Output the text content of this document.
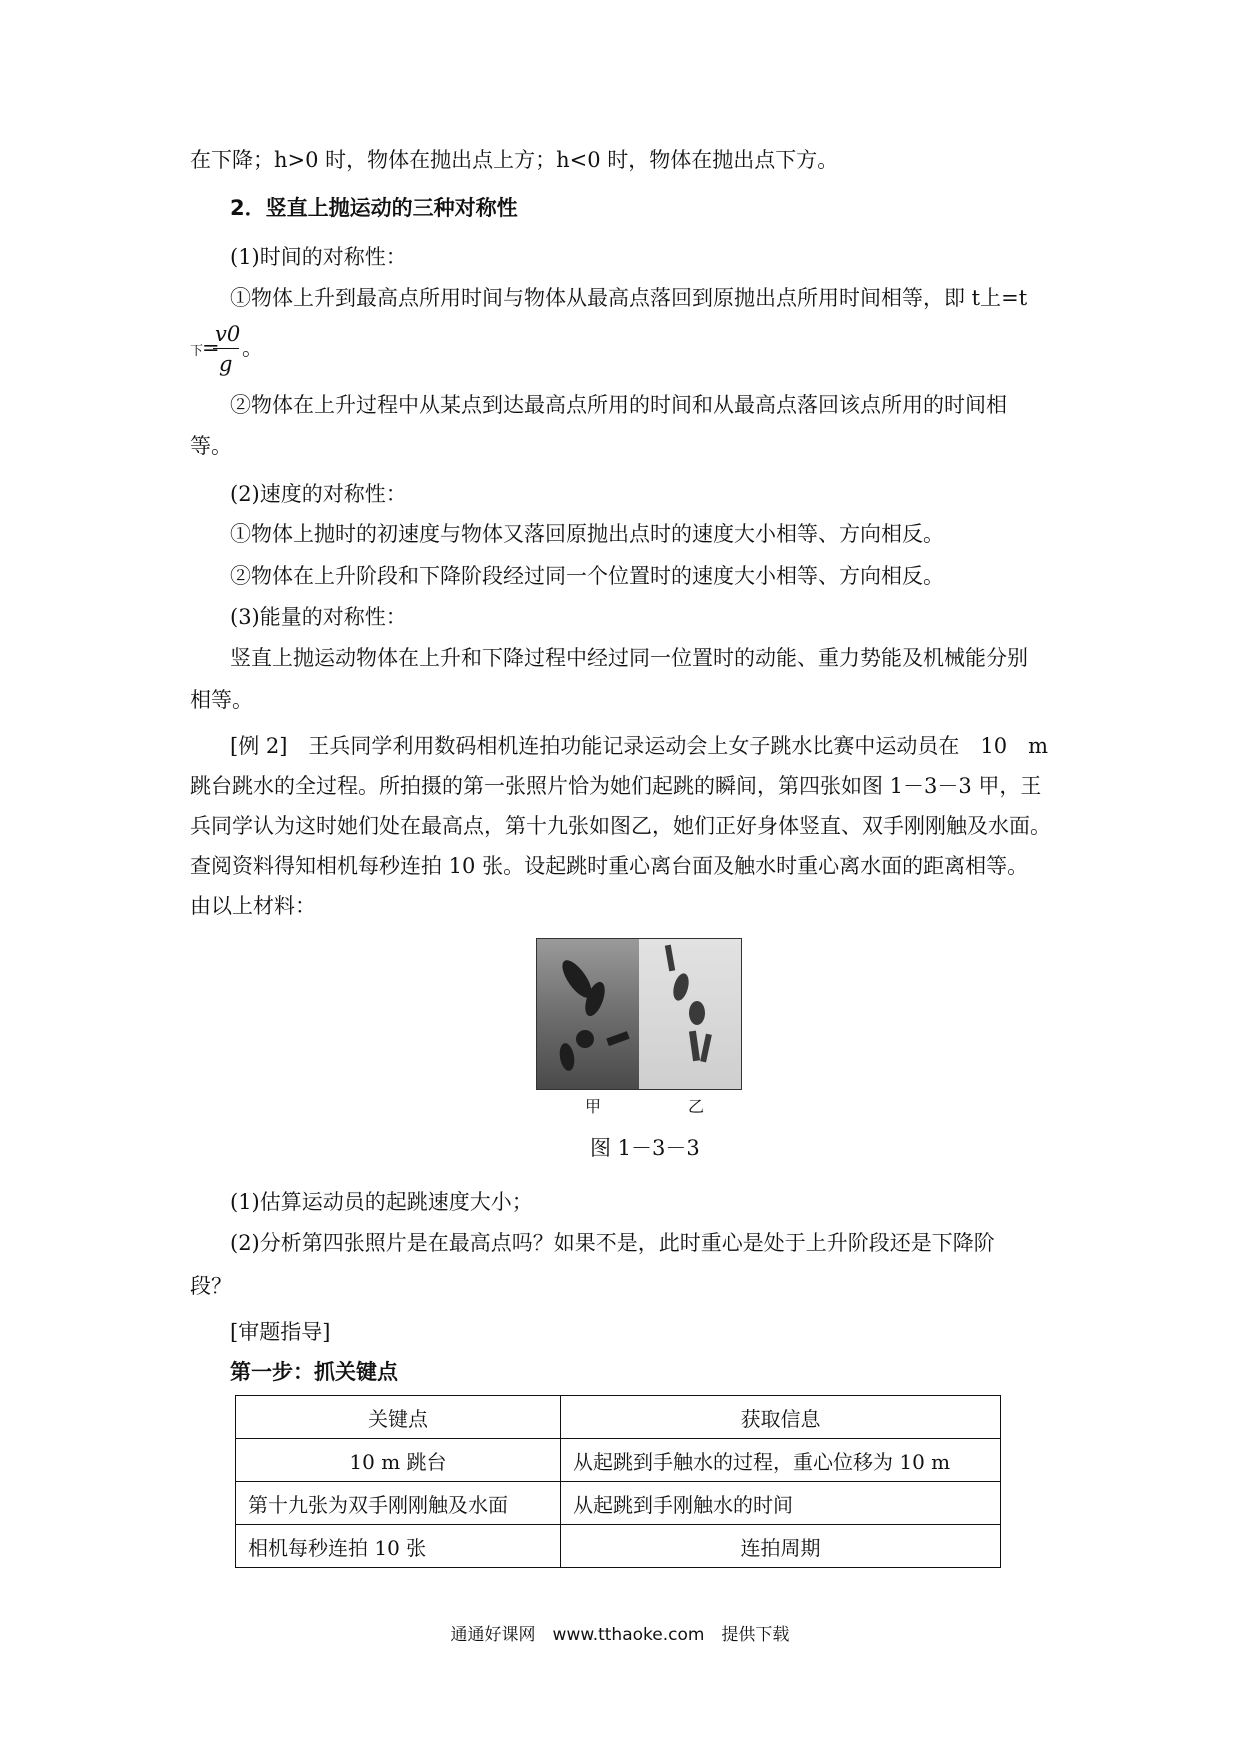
在下降；h>0 时，物体在抛出点上方；h<0 时，物体在抛出点下方。
2．竖直上抛运动的三种对称性
(1)时间的对称性：
①物体上升到最高点所用时间与物体从最高点落回到原抛出点所用时间相等，即 t上=t
下
=
v0
g
。
②物体在上升过程中从某点到达最高点所用的时间和从最高点落回该点所用的时间相
等。
(2)速度的对称性：
①物体上抛时的初速度与物体又落回原抛出点时的速度大小相等、方向相反。
②物体在上升阶段和下降阶段经过同一个位置时的速度大小相等、方向相反。
(3)能量的对称性：
竖直上抛运动物体在上升和下降过程中经过同一位置时的动能、重力势能及机械能分别
相等。
[例 2]　王兵同学利用数码相机连拍功能记录运动会上女子跳水比赛中运动员在　10　m
跳台跳水的全过程。所拍摄的第一张照片恰为她们起跳的瞬间，第四张如图 1－3－3 甲，王
兵同学认为这时她们处在最高点，第十九张如图乙，她们正好身体竖直、双手刚刚触及水面。
查阅资料得知相机每秒连拍 10 张。设起跳时重心离台面及触水时重心离水面的距离相等。
由以上材料：
甲	乙
图 1－3－3
(1)估算运动员的起跳速度大小；
(2)分析第四张照片是在最高点吗？如果不是，此时重心是处于上升阶段还是下降阶
段？
[审题指导]
第一步：抓关键点
关键点	获取信息
10 m 跳台	从起跳到手触水的过程，重心位移为 10 m
第十九张为双手刚刚触及水面	从起跳到手刚触水的时间
相机每秒连拍 10 张	连拍周期
通通好课网　www.tthaoke.com　提供下载
